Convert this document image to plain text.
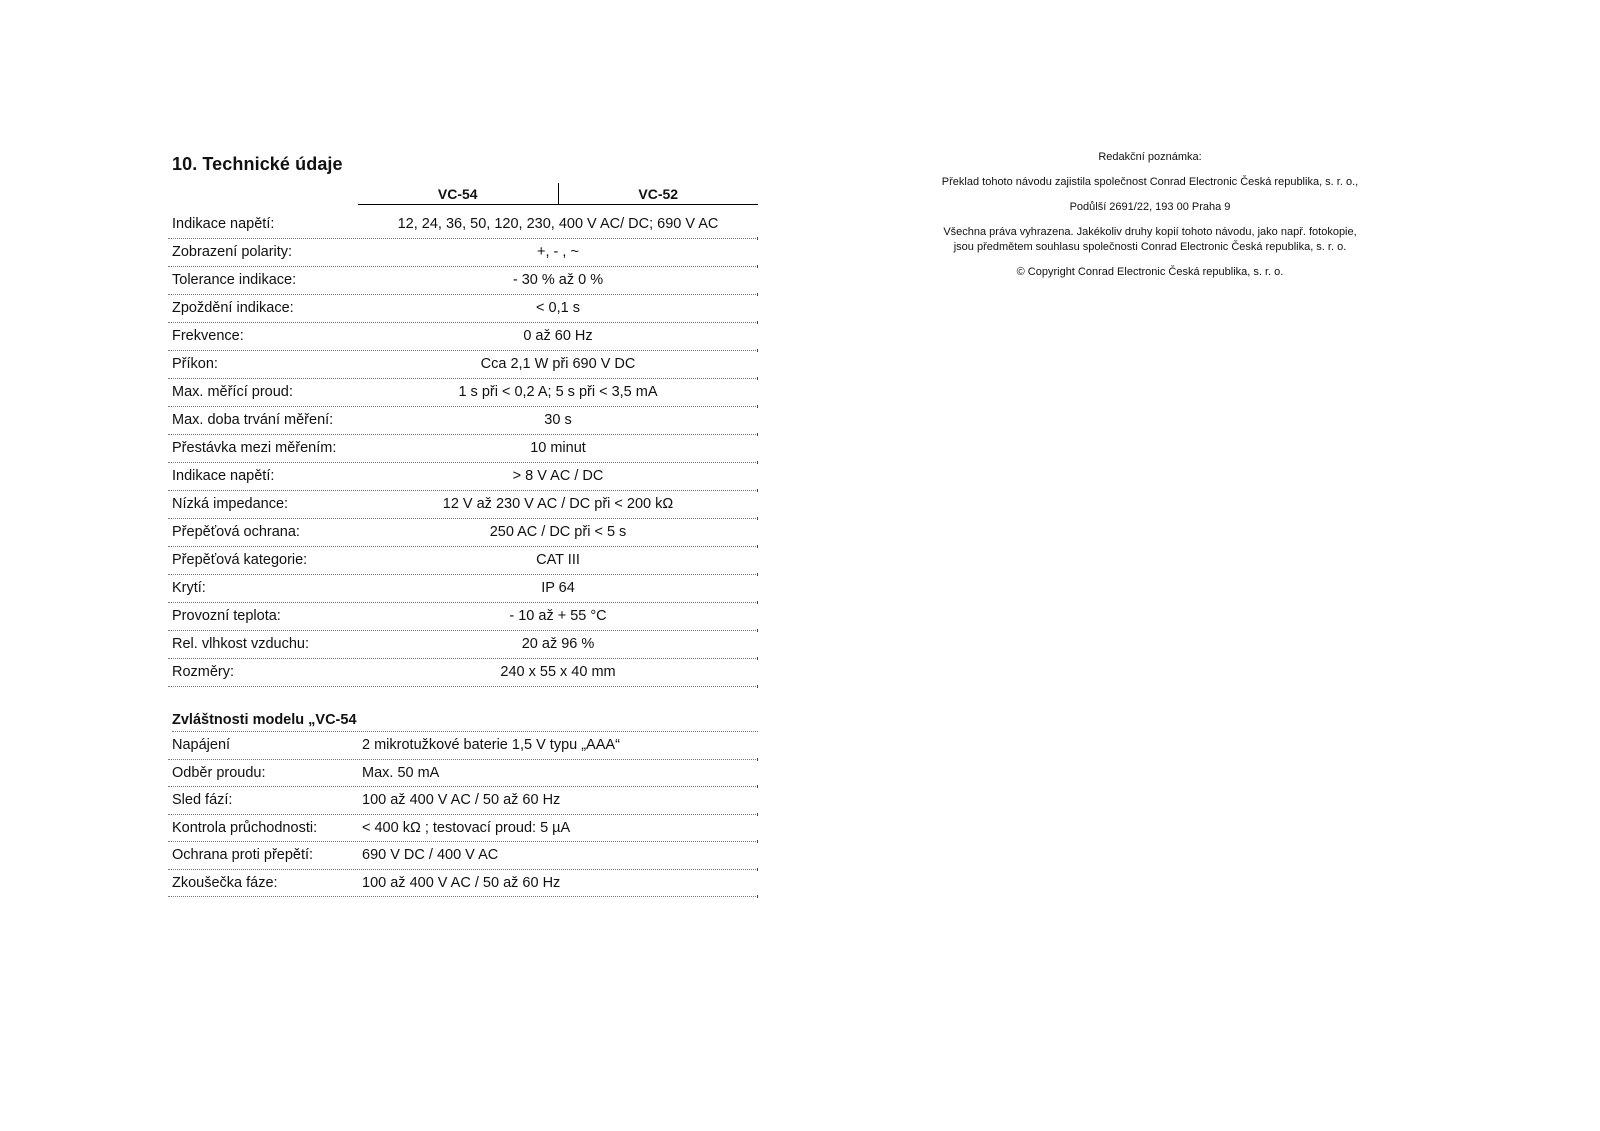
10. Technické údaje
VC-54	VC-52
Indikace napětí:	12, 24, 36, 50, 120, 230, 400 V AC/ DC; 690 V AC
Zobrazení polarity:	+, - , ~
Tolerance indikace:	- 30 % až 0 %
Zpoždění indikace:	< 0,1 s
Frekvence:	0 až 60 Hz
Příkon:	Cca 2,1 W při 690 V DC
Max. měřící proud:	1 s při < 0,2 A; 5 s při < 3,5 mA
Max. doba trvání měření:	30 s
Přestávka mezi měřením:	10 minut
Indikace napětí:	> 8 V AC / DC
Nízká impedance:	12 V až 230 V AC / DC při < 200 kΩ
Přepěťová ochrana:	250 AC / DC při < 5 s
Přepěťová kategorie:	CAT III
Krytí:	IP 64
Provozní teplota:	- 10 až + 55 °C
Rel. vlhkost vzduchu:	20 až 96 %
Rozměry:	240 x 55 x 40 mm
Zvláštnosti modelu „VC-54
Napájení	2 mikrotužkové baterie 1,5 V typu „AAA“
Odběr proudu:	Max. 50 mA
Sled fází:	100 až 400 V AC / 50 až 60 Hz
Kontrola průchodnosti:	< 400 kΩ ; testovací proud: 5 µA
Ochrana proti přepětí:	690 V DC / 400 V AC
Zkoušečka fáze:	100 až 400 V AC / 50 až 60 Hz

Redakční poznámka:

Překlad tohoto návodu zajistila společnost Conrad Electronic Česká republika, s. r. o.,

Podůlší 2691/22, 193 00 Praha 9

Všechna práva vyhrazena. Jakékoliv druhy kopií tohoto návodu, jako např. fotokopie,
jsou předmětem souhlasu společnosti Conrad Electronic Česká republika, s. r. o.

© Copyright Conrad Electronic Česká republika, s. r. o.
